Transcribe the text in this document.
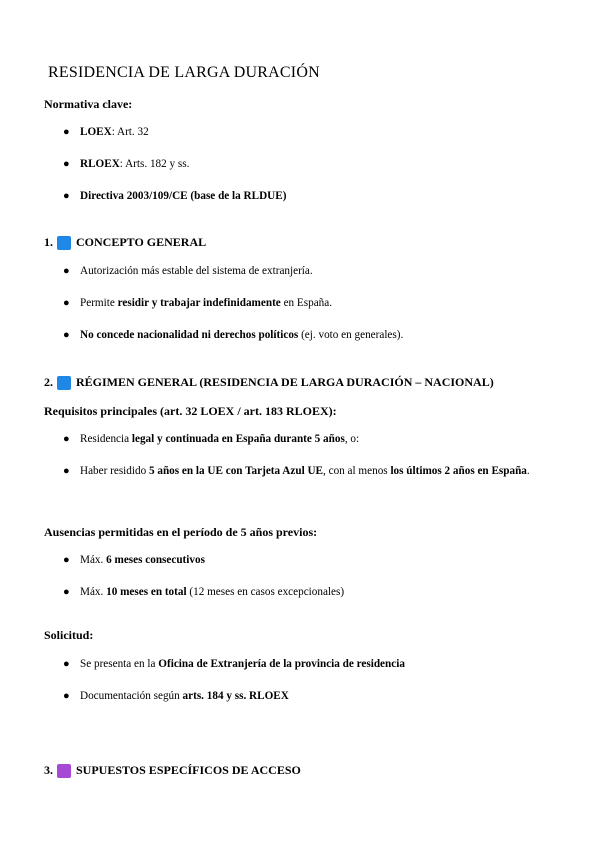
RESIDENCIA DE LARGA DURACIÓN
Normativa clave:
● LOEX: Art. 32
● RLOEX: Arts. 182 y ss.
● Directiva 2003/109/CE (base de la RLDUE)
1. CONCEPTO GENERAL
● Autorización más estable del sistema de extranjería.
● Permite residir y trabajar indefinidamente en España.
● No concede nacionalidad ni derechos políticos (ej. voto en generales).
2. RÉGIMEN GENERAL (RESIDENCIA DE LARGA DURACIÓN – NACIONAL)
Requisitos principales (art. 32 LOEX / art. 183 RLOEX):
● Residencia legal y continuada en España durante 5 años, o:
● Haber residido 5 años en la UE con Tarjeta Azul UE, con al menos los últimos 2 años en España.
Ausencias permitidas en el período de 5 años previos:
● Máx. 6 meses consecutivos
● Máx. 10 meses en total (12 meses en casos excepcionales)
Solicitud:
● Se presenta en la Oficina de Extranjería de la provincia de residencia
● Documentación según arts. 184 y ss. RLOEX
3. SUPUESTOS ESPECÍFICOS DE ACCESO
